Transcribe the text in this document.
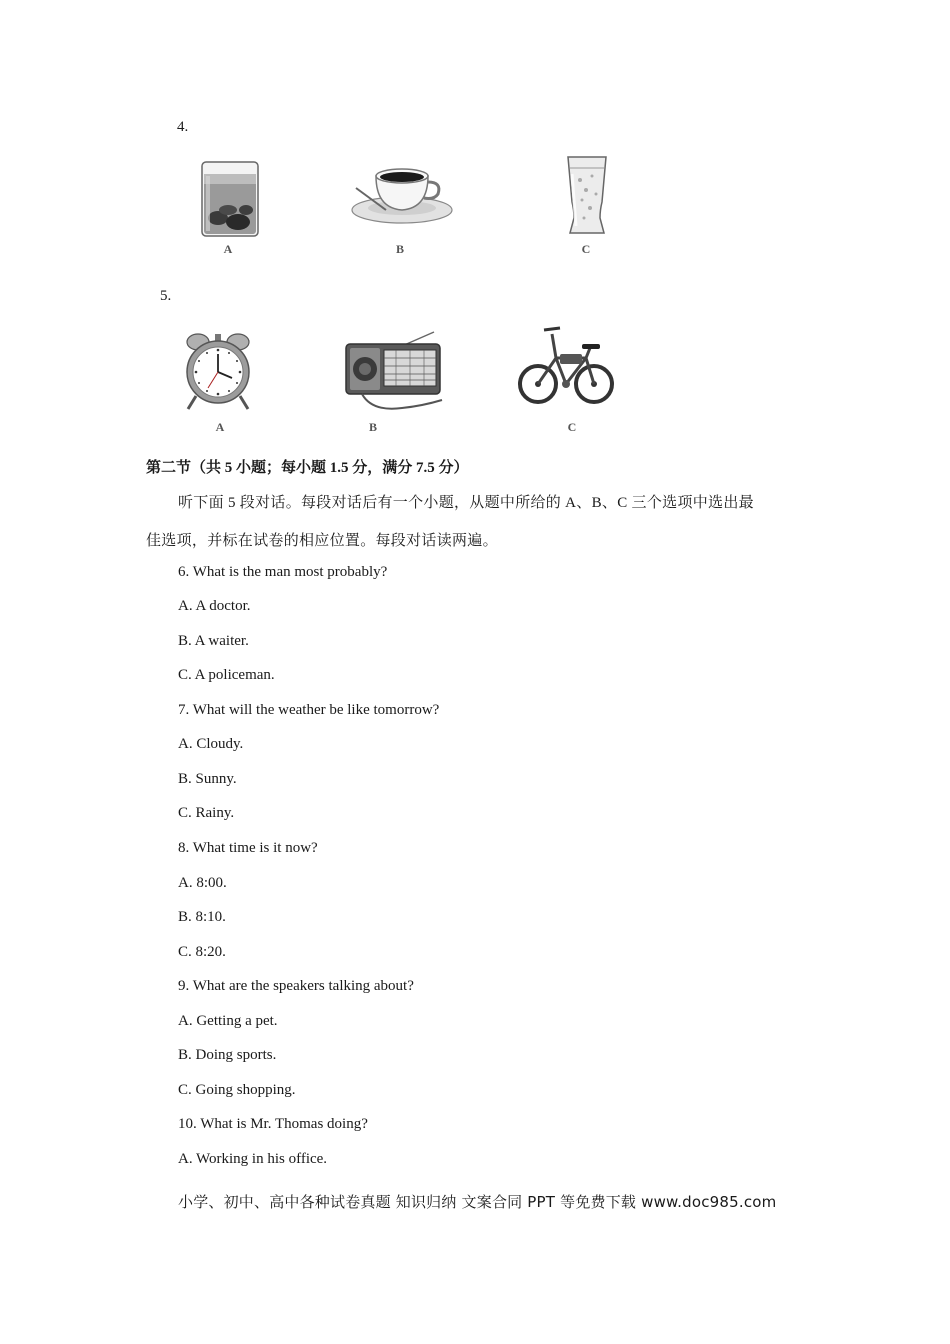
4.
A	B	C
5.
A	B	C
第二节（共 5 小题；每小题 1.5 分，满分 7.5 分）
听下面 5 段对话。每段对话后有一个小题，从题中所给的 A、B、C 三个选项中选出最
佳选项，并标在试卷的相应位置。每段对话读两遍。
6. What is the man most probably?
A. A doctor.
B. A waiter.
C. A policeman.
7. What will the weather be like tomorrow?
A. Cloudy.
B. Sunny.
C. Rainy.
8. What time is it now?
A. 8:00.
B. 8:10.
C. 8:20.
9. What are the speakers talking about?
A. Getting a pet.
B. Doing sports.
C. Going shopping.
10. What is Mr. Thomas doing?
A. Working in his office.
小学、初中、高中各种试卷真题 知识归纳 文案合同 PPT 等免费下载 www.doc985.com
